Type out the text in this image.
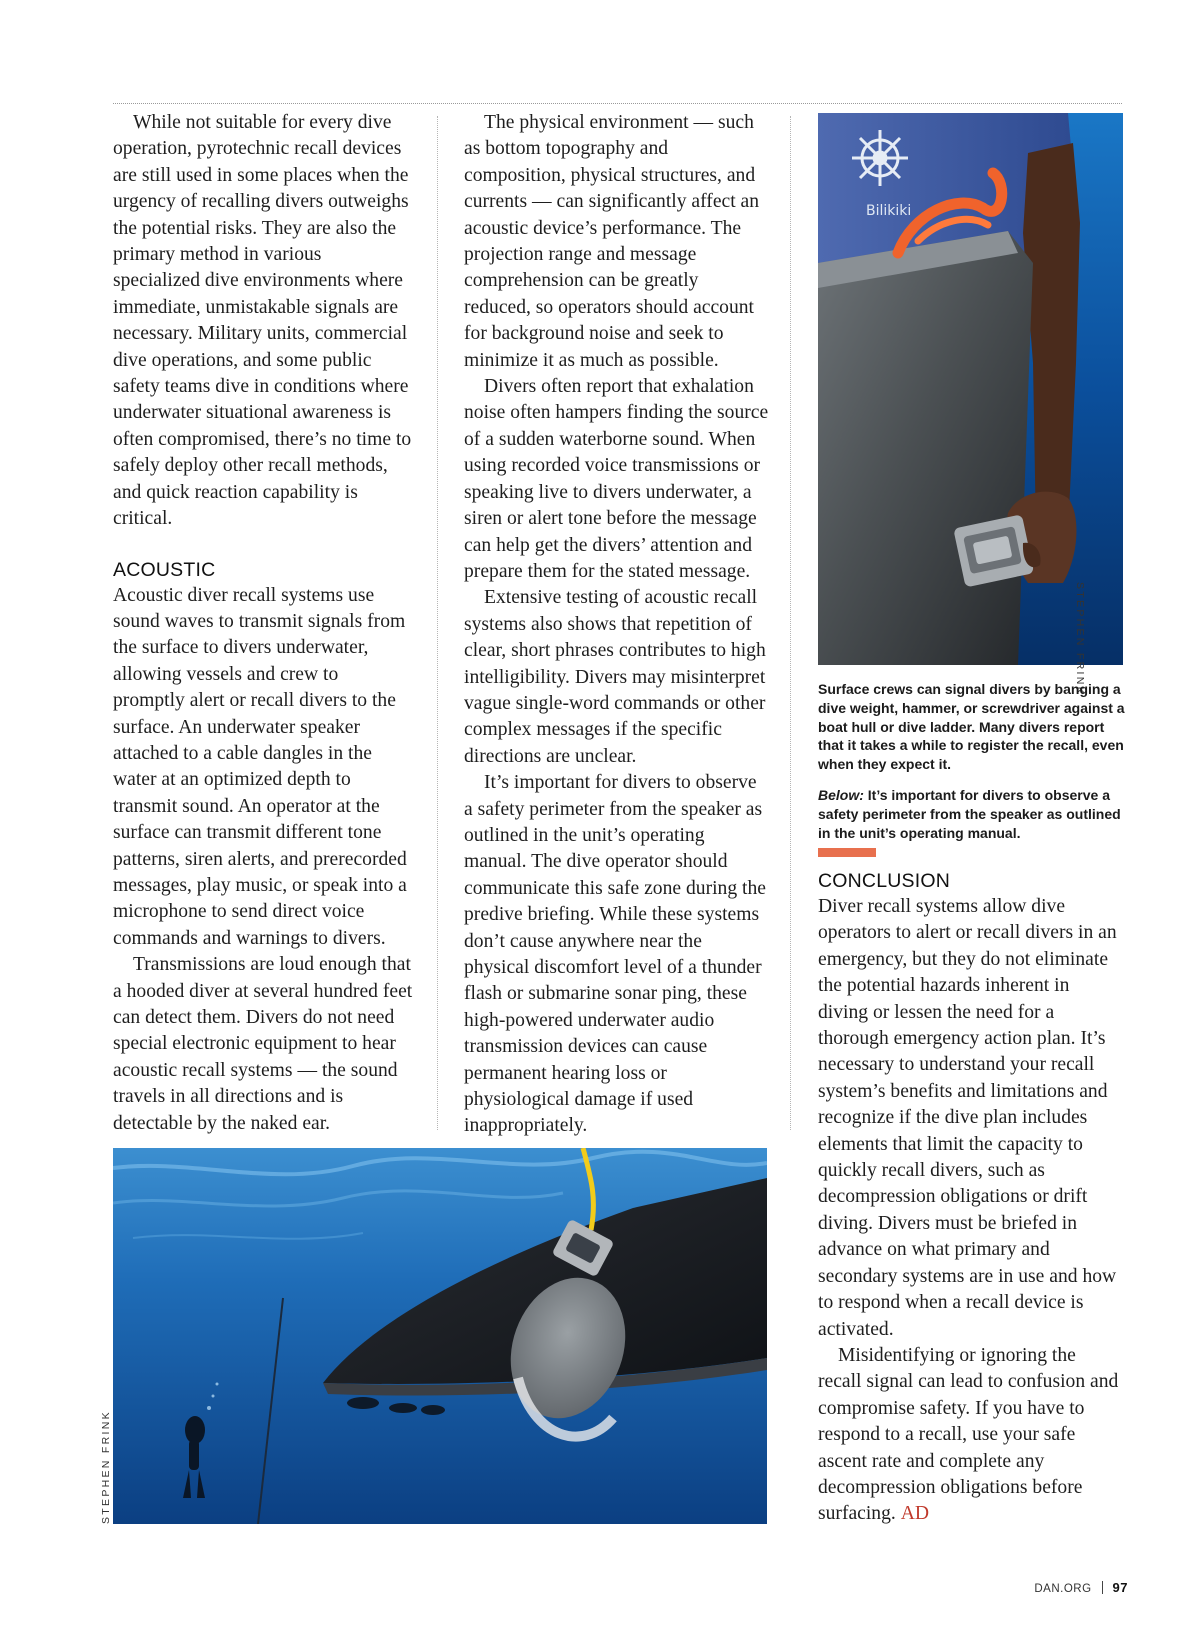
While not suitable for every dive operation, pyrotechnic recall devices are still used in some places when the urgency of recalling divers outweighs the potential risks. They are also the primary method in various specialized dive environments where immediate, unmistakable signals are necessary. Military units, commercial dive operations, and some public safety teams dive in conditions where underwater situational awareness is often compromised, there’s no time to safely deploy other recall methods, and quick reaction capability is critical.

ACOUSTIC

Acoustic diver recall systems use sound waves to transmit signals from the surface to divers underwater, allowing vessels and crew to promptly alert or recall divers to the surface. An underwater speaker attached to a cable dangles in the water at an optimized depth to transmit sound. An operator at the surface can transmit different tone patterns, siren alerts, and prerecorded messages, play music, or speak into a microphone to send direct voice commands and warnings to divers.

Transmissions are loud enough that a hooded diver at several hundred feet can detect them. Divers do not need special electronic equipment to hear acoustic recall systems — the sound travels in all directions and is detectable by the naked ear.

The physical environment — such as bottom topography and composition, physical structures, and currents — can significantly affect an acoustic device’s performance. The projection range and message comprehension can be greatly reduced, so operators should account for background noise and seek to minimize it as much as possible.

Divers often report that exhalation noise often hampers finding the source of a sudden waterborne sound. When using recorded voice transmissions or speaking live to divers underwater, a siren or alert tone before the message can help get the divers’ attention and prepare them for the stated message.

Extensive testing of acoustic recall systems also shows that repetition of clear, short phrases contributes to high intelligibility. Divers may misinterpret vague single-word commands or other complex messages if the specific directions are unclear.

It’s important for divers to observe a safety perimeter from the speaker as outlined in the unit’s operating manual. The dive operator should communicate this safe zone during the predive briefing. While these systems don’t cause anywhere near the physical discomfort level of a thunder flash or submarine sonar ping, these high-powered underwater audio transmission devices can cause permanent hearing loss or physiological damage if used inappropriately.

Bilikiki
STEPHEN FRINK
Surface crews can signal divers by banging a dive weight, hammer, or screwdriver against a boat hull or dive ladder. Many divers report that it takes a while to register the recall, even when they expect it.
Below: It’s important for divers to observe a safety perimeter from the speaker as outlined in the unit’s operating manual.
CONCLUSION

Diver recall systems allow dive operators to alert or recall divers in an emergency, but they do not eliminate the potential hazards inherent in diving or lessen the need for a thorough emergency action plan. It’s necessary to understand your recall system’s benefits and limitations and recognize if the dive plan includes elements that limit the capacity to quickly recall divers, such as decompression obligations or drift diving. Divers must be briefed in advance on what primary and secondary systems are in use and how to respond when a recall device is activated.

Misidentifying or ignoring the recall signal can lead to confusion and compromise safety. If you have to respond to a recall, use your safe ascent rate and complete any decompression obligations before surfacing. AD

STEPHEN FRINK
DAN.ORG 97
